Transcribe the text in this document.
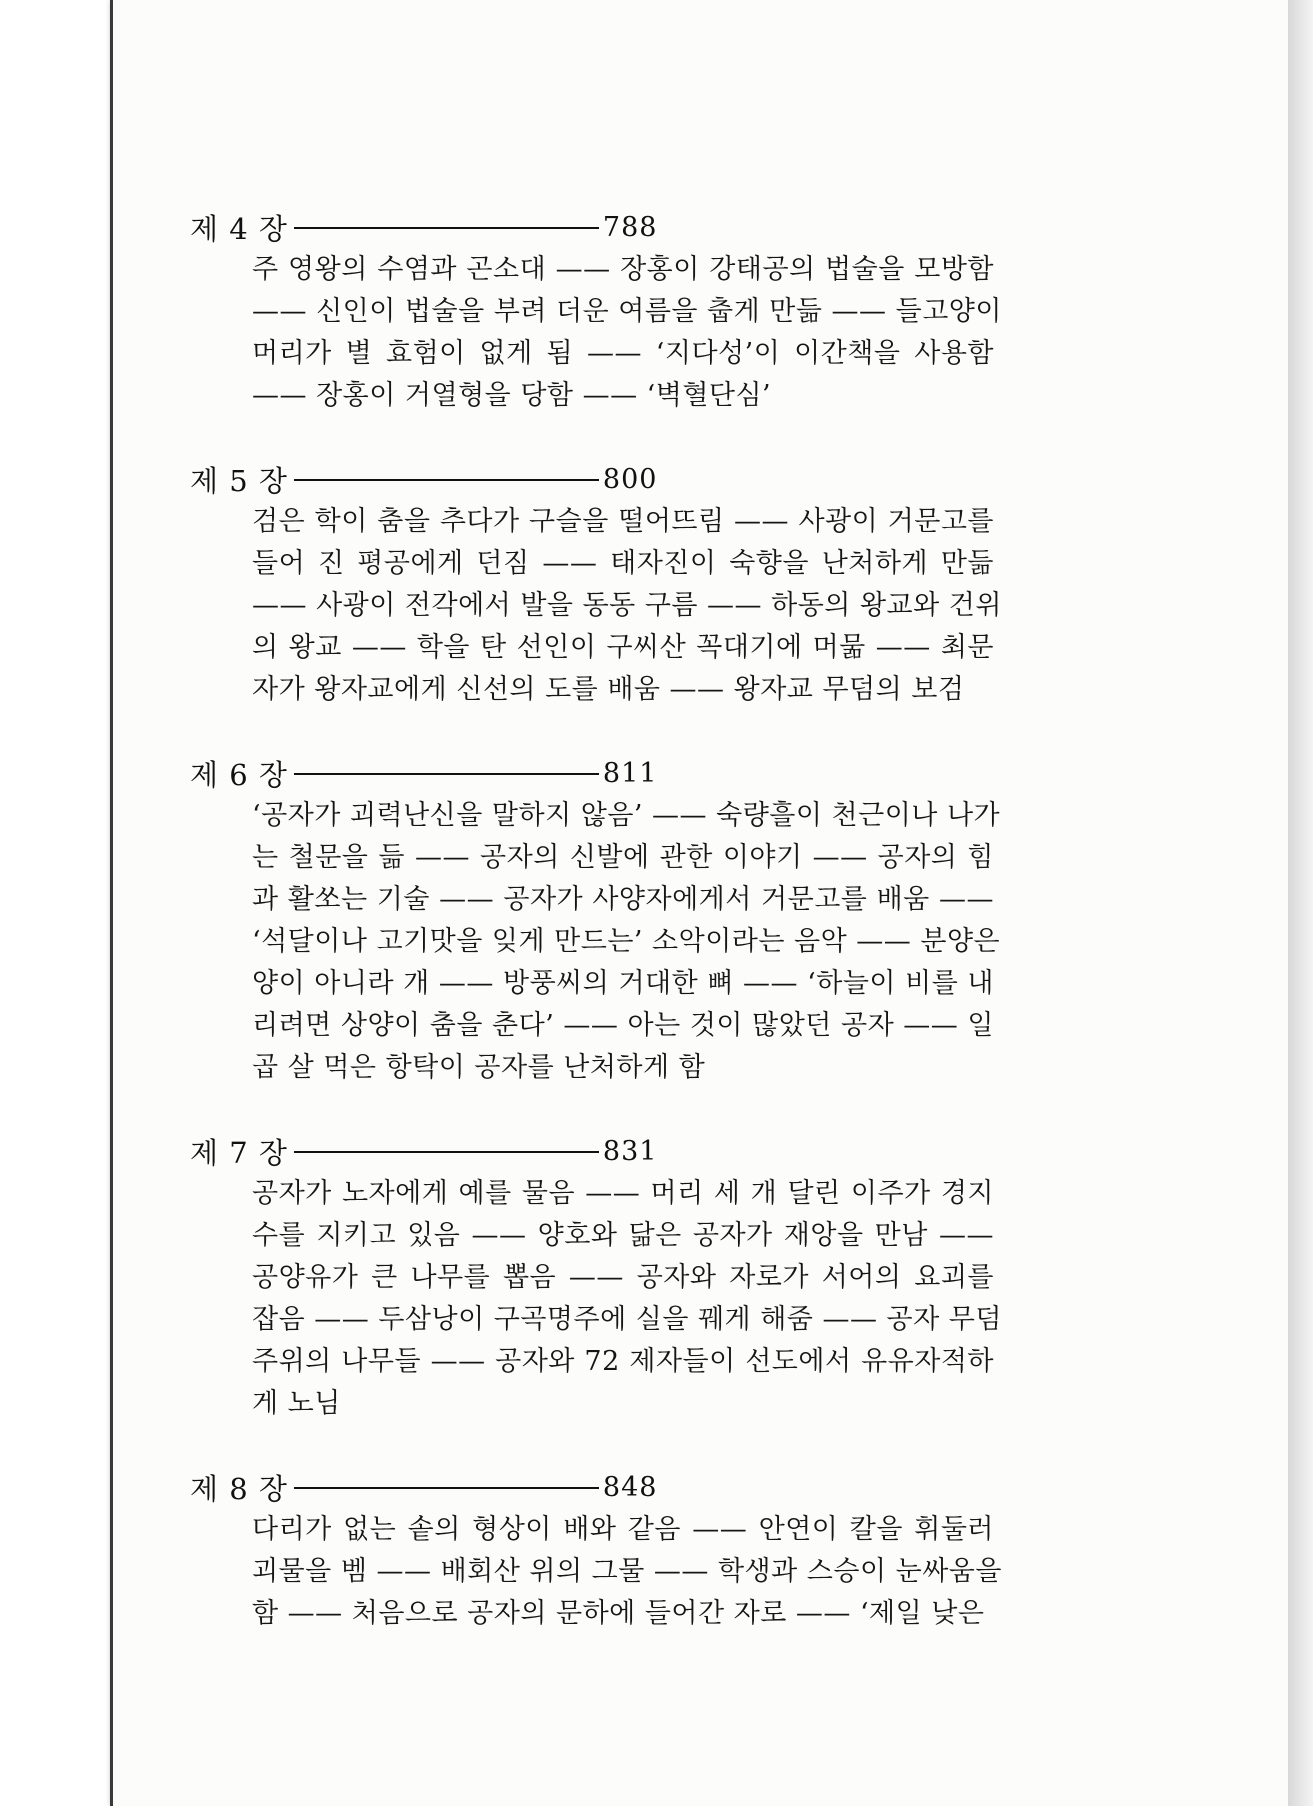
제 4 장	788
주 영왕의 수염과 곤소대 —— 장홍이 강태공의 법술을 모방함
—— 신인이 법술을 부려 더운 여름을 춥게 만듦 —— 들고양이
머리가 별 효험이 없게 됨 —— ‘지다성’이 이간책을 사용함
—— 장홍이 거열형을 당함 —— ‘벽혈단심’
제 5 장	800
검은 학이 춤을 추다가 구슬을 떨어뜨림 —— 사광이 거문고를
들어 진 평공에게 던짐 —— 태자진이 숙향을 난처하게 만듦
—— 사광이 전각에서 발을 동동 구름 —— 하동의 왕교와 건위
의 왕교 —— 학을 탄 선인이 구씨산 꼭대기에 머묾 —— 최문
자가 왕자교에게 신선의 도를 배움 —— 왕자교 무덤의 보검
제 6 장	811
‘공자가 괴력난신을 말하지 않음’ —— 숙량흘이 천근이나 나가
는 철문을 듦 —— 공자의 신발에 관한 이야기 —— 공자의 힘
과 활쏘는 기술 —— 공자가 사양자에게서 거문고를 배움 ——
‘석달이나 고기맛을 잊게 만드는’ 소악이라는 음악 —— 분양은
양이 아니라 개 —— 방풍씨의 거대한 뼈 —— ‘하늘이 비를 내
리려면 상양이 춤을 춘다’ —— 아는 것이 많았던 공자 —— 일
곱 살 먹은 항탁이 공자를 난처하게 함
제 7 장	831
공자가 노자에게 예를 물음 —— 머리 세 개 달린 이주가 경지
수를 지키고 있음 —— 양호와 닮은 공자가 재앙을 만남 ——
공양유가 큰 나무를 뽑음 —— 공자와 자로가 서어의 요괴를
잡음 —— 두삼낭이 구곡명주에 실을 꿰게 해줌 —— 공자 무덤
주위의 나무들 —— 공자와 72 제자들이 선도에서 유유자적하
게 노님
제 8 장	848
다리가 없는 솥의 형상이 배와 같음 —— 안연이 칼을 휘둘러
괴물을 벰 —— 배회산 위의 그물 —— 학생과 스승이 눈싸움을
함 —— 처음으로 공자의 문하에 들어간 자로 —— ‘제일 낮은
